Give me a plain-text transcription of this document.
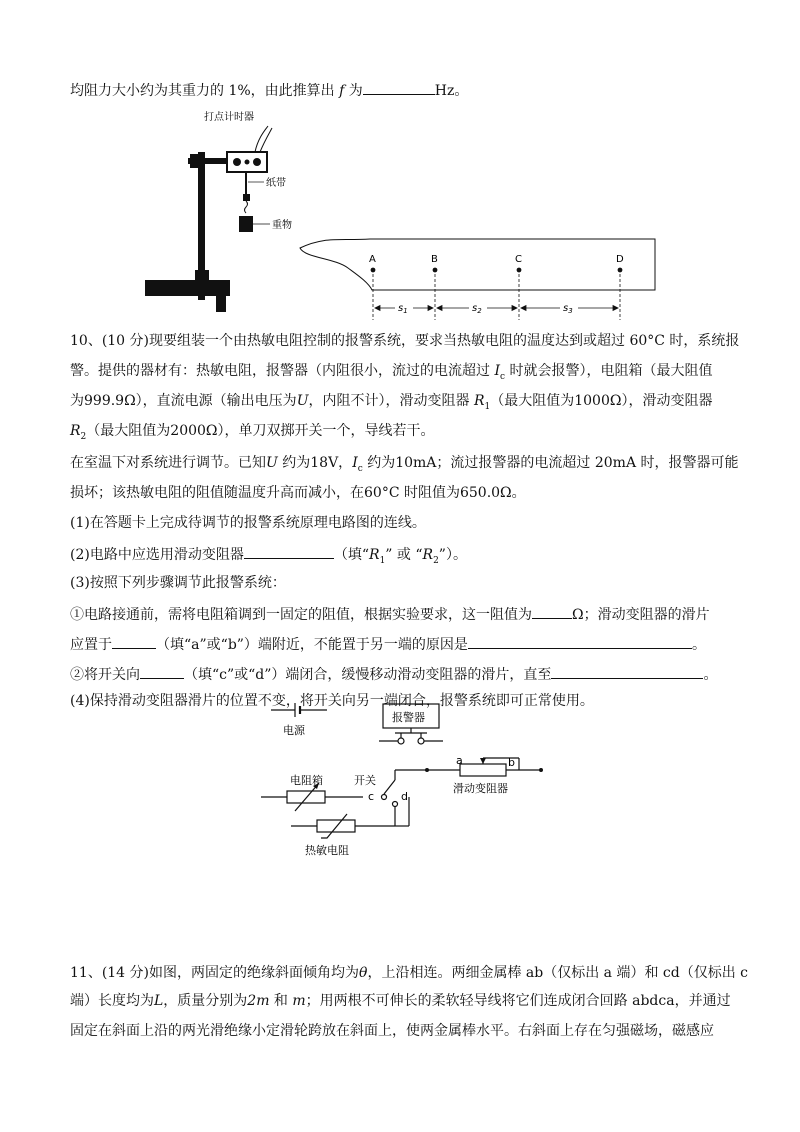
均阻力大小约为其重力的 1%，由此推算出 f 为	Hz。
打点计时器
纸带
重物
A	B	C	D
$s_1$	$s_2$	$s_3$
10、(10 分)现要组装一个由热敏电阻控制的报警系统，要求当热敏电阻的温度达到或超过 60°C 时，系统报
警。提供的器材有：热敏电阻，报警器（内阻很小，流过的电流超过 $I_c$ 时就会报警），电阻箱（最大阻值
为999.9Ω），直流电源（输出电压为U，内阻不计），滑动变阻器 $R_1$（最大阻值为1000Ω），滑动变阻器
$R_2$（最大阻值为2000Ω），单刀双掷开关一个，导线若干。
在室温下对系统进行调节。已知U 约为18V，$I_c$ 约为10mA；流过报警器的电流超过 20mA 时，报警器可能
损坏；该热敏电阻的阻值随温度升高而减小，在60°C 时阻值为650.0Ω。
(1)在答题卡上完成待调节的报警系统原理电路图的连线。
(2)电路中应选用滑动变阻器	（填“$R_1$” 或 “$R_2$”）。
(3)按照下列步骤调节此报警系统：
①电路接通前，需将电阻箱调到一固定的阻值，根据实验要求，这一阻值为	Ω；滑动变阻器的滑片
应置于	（填“a”或“b”）端附近，不能置于另一端的原因是	。
②将开关向	（填“c”或“d”）端闭合，缓慢移动滑动变阻器的滑片，直至	。
(4)保持滑动变阻器滑片的位置不变，将开关向另一端闭合，报警系统即可正常使用。
电源
报警器
电阻箱	开关
热敏电阻
滑动变阻器
a	b
c d
11、(14 分)如图，两固定的绝缘斜面倾角均为θ，上沿相连。两细金属棒 ab（仅标出 a 端）和 cd（仅标出 c
端）长度均为L，质量分别为2m 和 m；用两根不可伸长的柔软轻导线将它们连成闭合回路 abdca，并通过
固定在斜面上沿的两光滑绝缘小定滑轮跨放在斜面上，使两金属棒水平。右斜面上存在匀强磁场，磁感应
